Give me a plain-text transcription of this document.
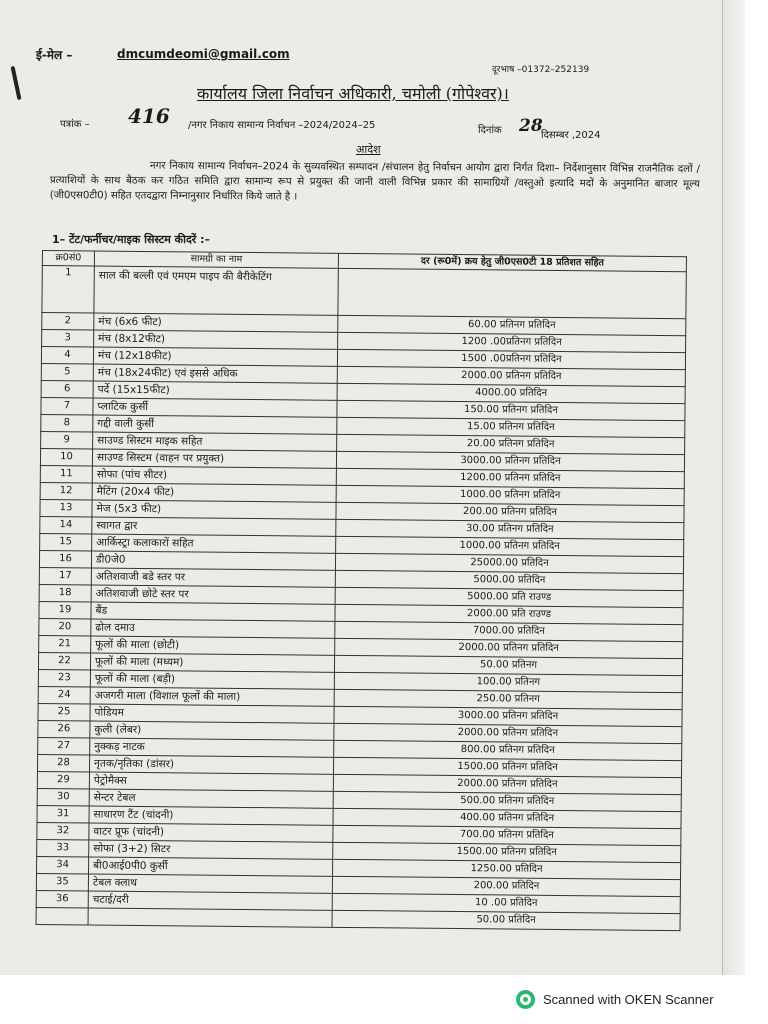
ई-मेल –	dmcumdeomi@gmail.com
दूरभाष –01372–252139
कार्यालय जिला निर्वाचन अधिकारी, चमोली (गोपेश्वर)।
पत्रांक – 416 /नगर निकाय सामान्य निर्वाचन –2024/2024–25	दिनांक 28
दिसम्बर ,2024
आदेश
नगर निकाय सामान्य निर्वाचन–2024 के सुव्यवस्थित सम्पादन /संचालन हेतु निर्वाचन आयोग द्वारा निर्गत दिशा– निर्देशानुसार विभिन्न राजनैतिक दलों /प्रत्याशियों के साथ बैठक कर गठित समिति द्वारा सामान्य रूप से प्रयुक्त की जानी वाली विभिन्न प्रकार की सामाग्रियों /वस्तुओ इत्यादि मदों के अनुमानित बाजार मूल्य (जी0एस0टी0) सहित एतदद्वारा निम्नानुसार निर्धारित किये जाते है ।
1– टेंट/फर्नीचर/माइक सिस्टम कीदरें :–
क्र0सं0	सामग्री का नाम	दर (रू0में) क्रय हेतु जी0एस0टी 18 प्रतिशत सहित
1	साल की बल्ली एवं एमएम पाइप की बैरीकेटिंग	
2	मंच (6x6 फीट)	60.00 प्रतिनग प्रतिदिन
3	मंच (8x12फीट)	1200 .00प्रतिनग प्रतिदिन
4	मंच (12x18फीट)	1500 .00प्रतिनग प्रतिदिन
5	मंच (18x24फीट) एवं इससे अधिक	2000.00 प्रतिनग प्रतिदिन
6	पर्दे (15x15फीट)	4000.00 प्रतिदिन
7	प्लाटिक कुर्सी	150.00 प्रतिनग प्रतिदिन
8	गद्दी वाली कुर्सी	15.00 प्रतिनग प्रतिदिन
9	साउण्ड सिस्टम माइक सहित	20.00 प्रतिनग प्रतिदिन
10	साउण्ड सिस्टम (वाहन पर प्रयुक्त)	3000.00 प्रतिनग प्रतिदिन
11	सोफा (पांच सीटर)	1200.00 प्रतिनग प्रतिदिन
12	मैटिंग (20x4 फीट)	1000.00 प्रतिनग प्रतिदिन
13	मेज (5x3 फीट)	200.00 प्रतिनग प्रतिदिन
14	स्वागत द्वार	30.00 प्रतिनग प्रतिदिन
15	आर्किस्ट्रा कलाकारों सहित	1000.00 प्रतिनग प्रतिदिन
16	डी0जे0	25000.00 प्रतिदिन
17	अतिशवाजी बडे स्तर पर	5000.00 प्रतिदिन
18	अतिशवाजी छोटे स्तर पर	5000.00 प्रति राउण्ड
19	बैंड	2000.00 प्रति राउण्ड
20	ढोल दमाउ	7000.00 प्रतिदिन
21	फूलों की माला (छोटी)	2000.00 प्रतिनग प्रतिदिन
22	फूलों की माला (मध्यम)	50.00 प्रतिनग
23	फूलों की माला (बड़ी)	100.00 प्रतिनग
24	अजगरी माला (विशाल फूलों की माला)	250.00 प्रतिनग
25	पोडियम	3000.00 प्रतिनग प्रतिदिन
26	कुली (लेबर)	2000.00 प्रतिनग प्रतिदिन
27	नुक्कड़ नाटक	800.00 प्रतिनग प्रतिदिन
28	नृतक/नृतिका (डांसर)	1500.00 प्रतिनग प्रतिदिन
29	पेट्रोमैक्स	2000.00 प्रतिनग प्रतिदिन
30	सेन्टर टेबल	500.00 प्रतिनग प्रतिदिन
31	साधारण टैंट (चांदनी)	400.00 प्रतिनग प्रतिदिन
32	वाटर प्रूफ (चांदनी)	700.00 प्रतिनग प्रतिदिन
33	सोफा (3+2) सिटर	1500.00 प्रतिनग प्रतिदिन
34	बी0आई0पी0 कुर्सी	1250.00 प्रतिदिन
35	टेबल क्लाथ	200.00 प्रतिदिन
36	चटाई/दरी	10 .00 प्रतिदिन
		50.00 प्रतिदिन
Scanned with OKEN Scanner
